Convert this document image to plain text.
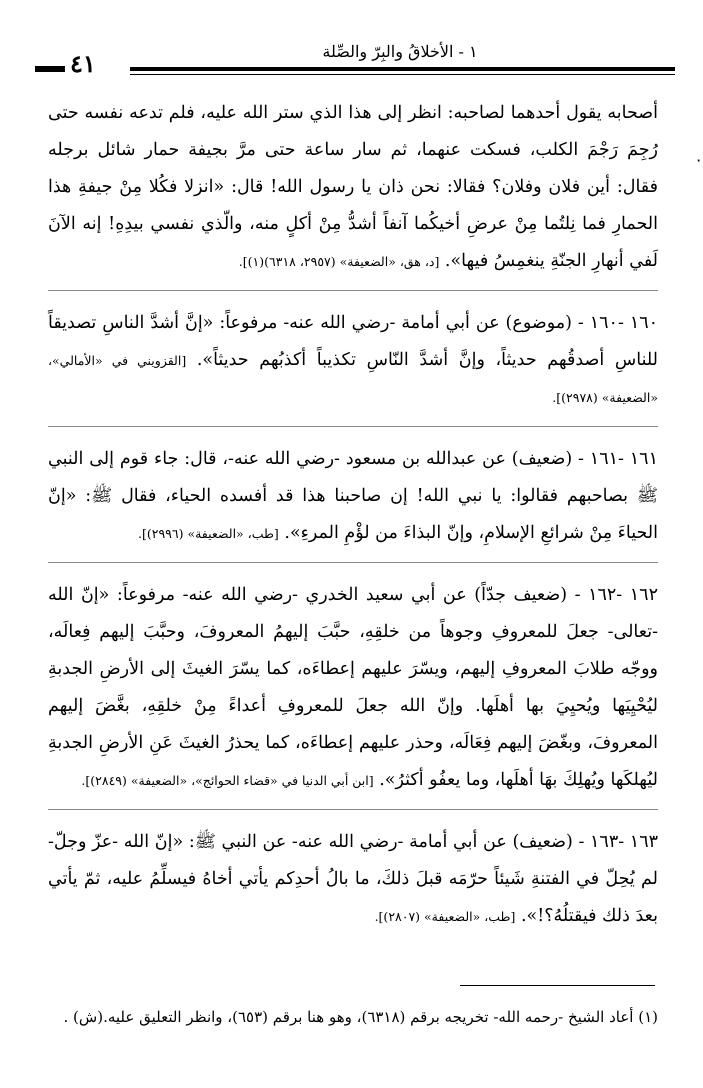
١ - الأخلاقُ والبِرّ والصِّلة
٤١
۰

أصحابه يقول أحدهما لصاحبه: انظر إلى هذا الذي ستر الله عليه، فلم تدعه نفسه حتى رُجِمَ رَجْمَ الكلب، فسكت عنهما، ثم سار ساعة حتى مرَّ بجيفة حمار شائل برجله فقال: أين فلان وفلان؟ فقالا: نحن ذان يا رسول الله! قال: «انزلا فكُلا مِنْ جيفةِ هذا الحمارِ فما نِلتُما مِنْ عرضِ أخيكُما آنفاً أشدُّ مِنْ أكلٍ منه، والّذي نفسي بيدِهِ! إنه الآنَ لَفي أنهارِ الجنّةِ ينغمِسُ فيها». [د، هق، «الضعيفة» (٢٩٥٧، ٦٣١٨)(١)].

١٦٠ -١٦٠ - (موضوع) عن أبي أمامة -رضي الله عنه- مرفوعاً: «إنَّ أشدَّ الناسِ تصديقاً للناسِ أصدقُهم حديثاً، وإنَّ أشدَّ النّاسِ تكذيباً أكذبُهم حديثاً». [القزويني في «الأمالي»، «الضعيفة» (٢٩٧٨)].

١٦١ -١٦١ - (ضعيف) عن عبدالله بن مسعود -رضي الله عنه-، قال: جاء قوم إلى النبي ﷺ بصاحبهم فقالوا: يا نبي الله! إن صاحبنا هذا قد أفسده الحياء، فقال ﷺ: «إنّ الحياءَ مِنْ شرائعِ الإسلامِ، وإنّ البذاءَ من لؤْمِ المرءِ». [طب، «الضعيفة» (٢٩٩٦)].

١٦٢ -١٦٢ - (ضعيف جدّاً) عن أبي سعيد الخدري -رضي الله عنه- مرفوعاً: «إنّ الله -تعالى- جعلَ للمعروفِ وجوهاً من خلقِهِ، حبَّبَ إليهمُ المعروفَ، وحبَّبَ إليهم فِعالَه، ووجّه طلابَ المعروفِ إليهم، ويسّرَ عليهم إعطاءَه، كما يسّرَ الغيثَ إلى الأرضِ الجدبةِ ليُحْيِيَها ويُحيِيَ بها أهلَها. وإنّ الله جعلَ للمعروفِ أعداءً مِنْ خلقِهِ، بغَّضَ إليهم المعروفَ، وبغّضَ إليهم فِعَالَه، وحذر عليهم إعطاءَه، كما يحذرُ الغيثَ عَنِ الأرضِ الجدبةِ ليُهلكَها ويُهلِكَ بهَا أهلَها، وما يعفُو أكثرُ». [ابن أبي الدنيا في «قضاء الحوائج»، «الضعيفة» (٢٨٤٩)].

١٦٣ -١٦٣ - (ضعيف) عن أبي أمامة -رضي الله عنه- عن النبي ﷺ: «إنّ الله -عزّ وجلّ- لم يُحِلّ في الفتنةِ شَيئاً حرّمَه قبلَ ذلكَ، ما بالُ أحدِكم يأتي أخاهُ فيسلِّمُ عليه، ثمّ يأتي بعدَ ذلك فيقتلُهُ؟!». [طب، «الضعيفة» (٢٨٠٧)].

(١) أعاد الشيخ -رحمه الله- تخريجه برقم (٦٣١٨)، وهو هنا برقم (٦٥٣)، وانظر التعليق عليه.(ش) .
